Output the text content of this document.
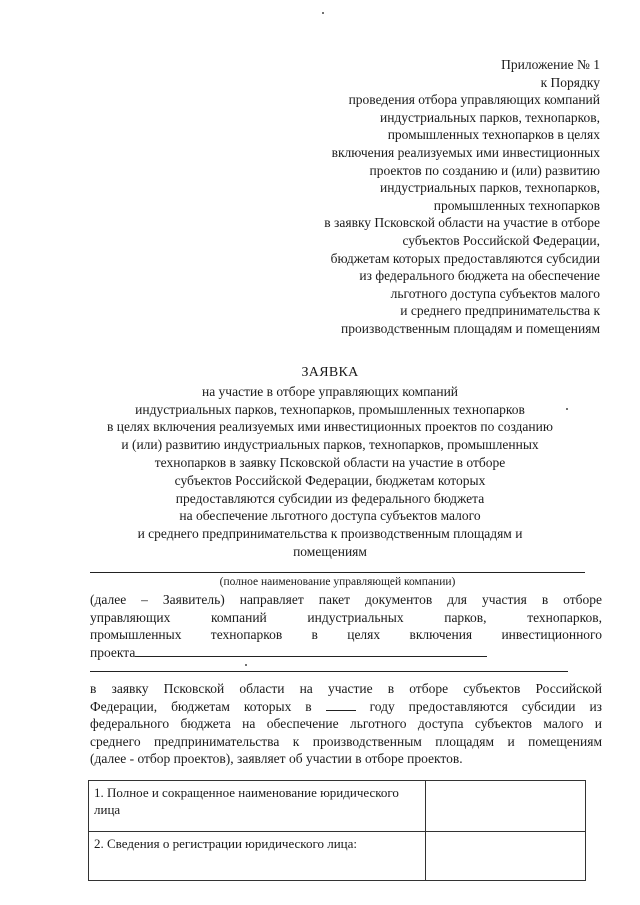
Приложение № 1
к Порядку
проведения отбора управляющих компаний
индустриальных парков, технопарков,
промышленных технопарков в целях
включения реализуемых ими инвестиционных
проектов по созданию и (или) развитию
индустриальных парков, технопарков,
промышленных технопарков
в заявку Псковской области на участие в отборе
субъектов Российской Федерации,
бюджетам которых предоставляются субсидии
из федерального бюджета на обеспечение
льготного доступа субъектов малого
и среднего предпринимательства к
производственным площадям и помещениям
ЗАЯВКА
на участие в отборе управляющих компаний
индустриальных парков, технопарков, промышленных технопарков
в целях включения реализуемых ими инвестиционных проектов по созданию
и (или) развитию индустриальных парков, технопарков, промышленных
технопарков в заявку Псковской области на участие в отборе
субъектов Российской Федерации, бюджетам которых
предоставляются субсидии из федерального бюджета
на обеспечение льготного доступа субъектов малого
и среднего предпринимательства к производственным площадям и
помещениям
(полное наименование управляющей компании)
(далее – Заявитель) направляет пакет документов для участия в отборе
управляющих компаний индустриальных парков, технопарков,
промышленных технопарков в целях включения инвестиционного
проекта
в заявку Псковской области на участие в отборе субъектов Российской
Федерации, бюджетам которых в	году предоставляются субсидии из
федерального бюджета на обеспечение льготного доступа субъектов малого и
среднего предпринимательства к производственным площадям и помещениям
(далее - отбор проектов), заявляет об участии в отборе проектов.
1. Полное и сокращенное наименование юридического лица	
2. Сведения о регистрации юридического лица:	
